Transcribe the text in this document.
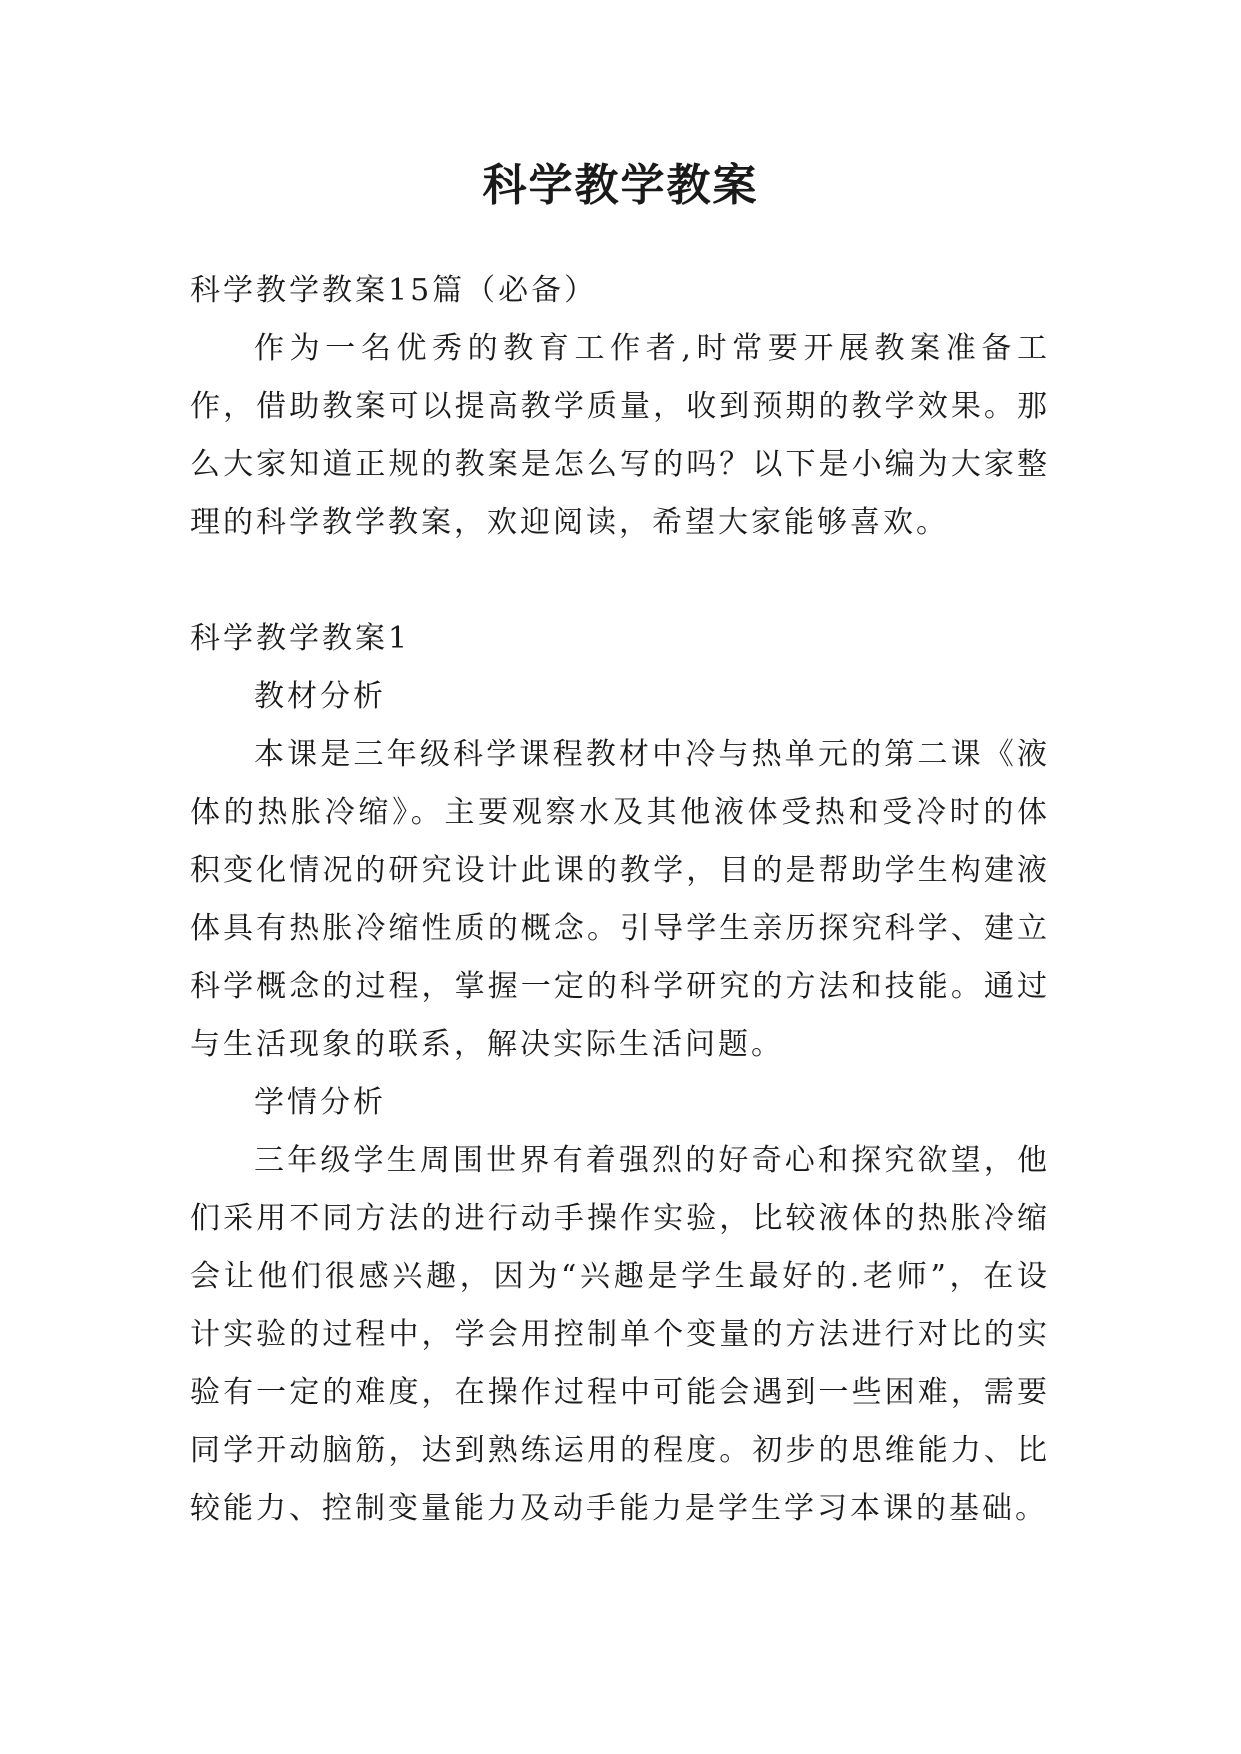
科学教学教案

科学教学教案15篇（必备）

作为一名优秀的教育工作者,时常要开展教案准备工作，借助教案可以提高教学质量，收到预期的教学效果。那么大家知道正规的教案是怎么写的吗？以下是小编为大家整理的科学教学教案，欢迎阅读，希望大家能够喜欢。

科学教学教案1

教材分析

本课是三年级科学课程教材中冷与热单元的第二课《液体的热胀冷缩》。主要观察水及其他液体受热和受冷时的体积变化情况的研究设计此课的教学，目的是帮助学生构建液体具有热胀冷缩性质的概念。引导学生亲历探究科学、建立科学概念的过程，掌握一定的科学研究的方法和技能。通过与生活现象的联系，解决实际生活问题。

学情分析

三年级学生周围世界有着强烈的好奇心和探究欲望，他们采用不同方法的进行动手操作实验，比较液体的热胀冷缩会让他们很感兴趣，因为“兴趣是学生最好的.老师”，在设计实验的过程中，学会用控制单个变量的方法进行对比的实验有一定的难度，在操作过程中可能会遇到一些困难，需要同学开动脑筋，达到熟练运用的程度。初步的思维能力、比较能力、控制变量能力及动手能力是学生学习本课的基础。
